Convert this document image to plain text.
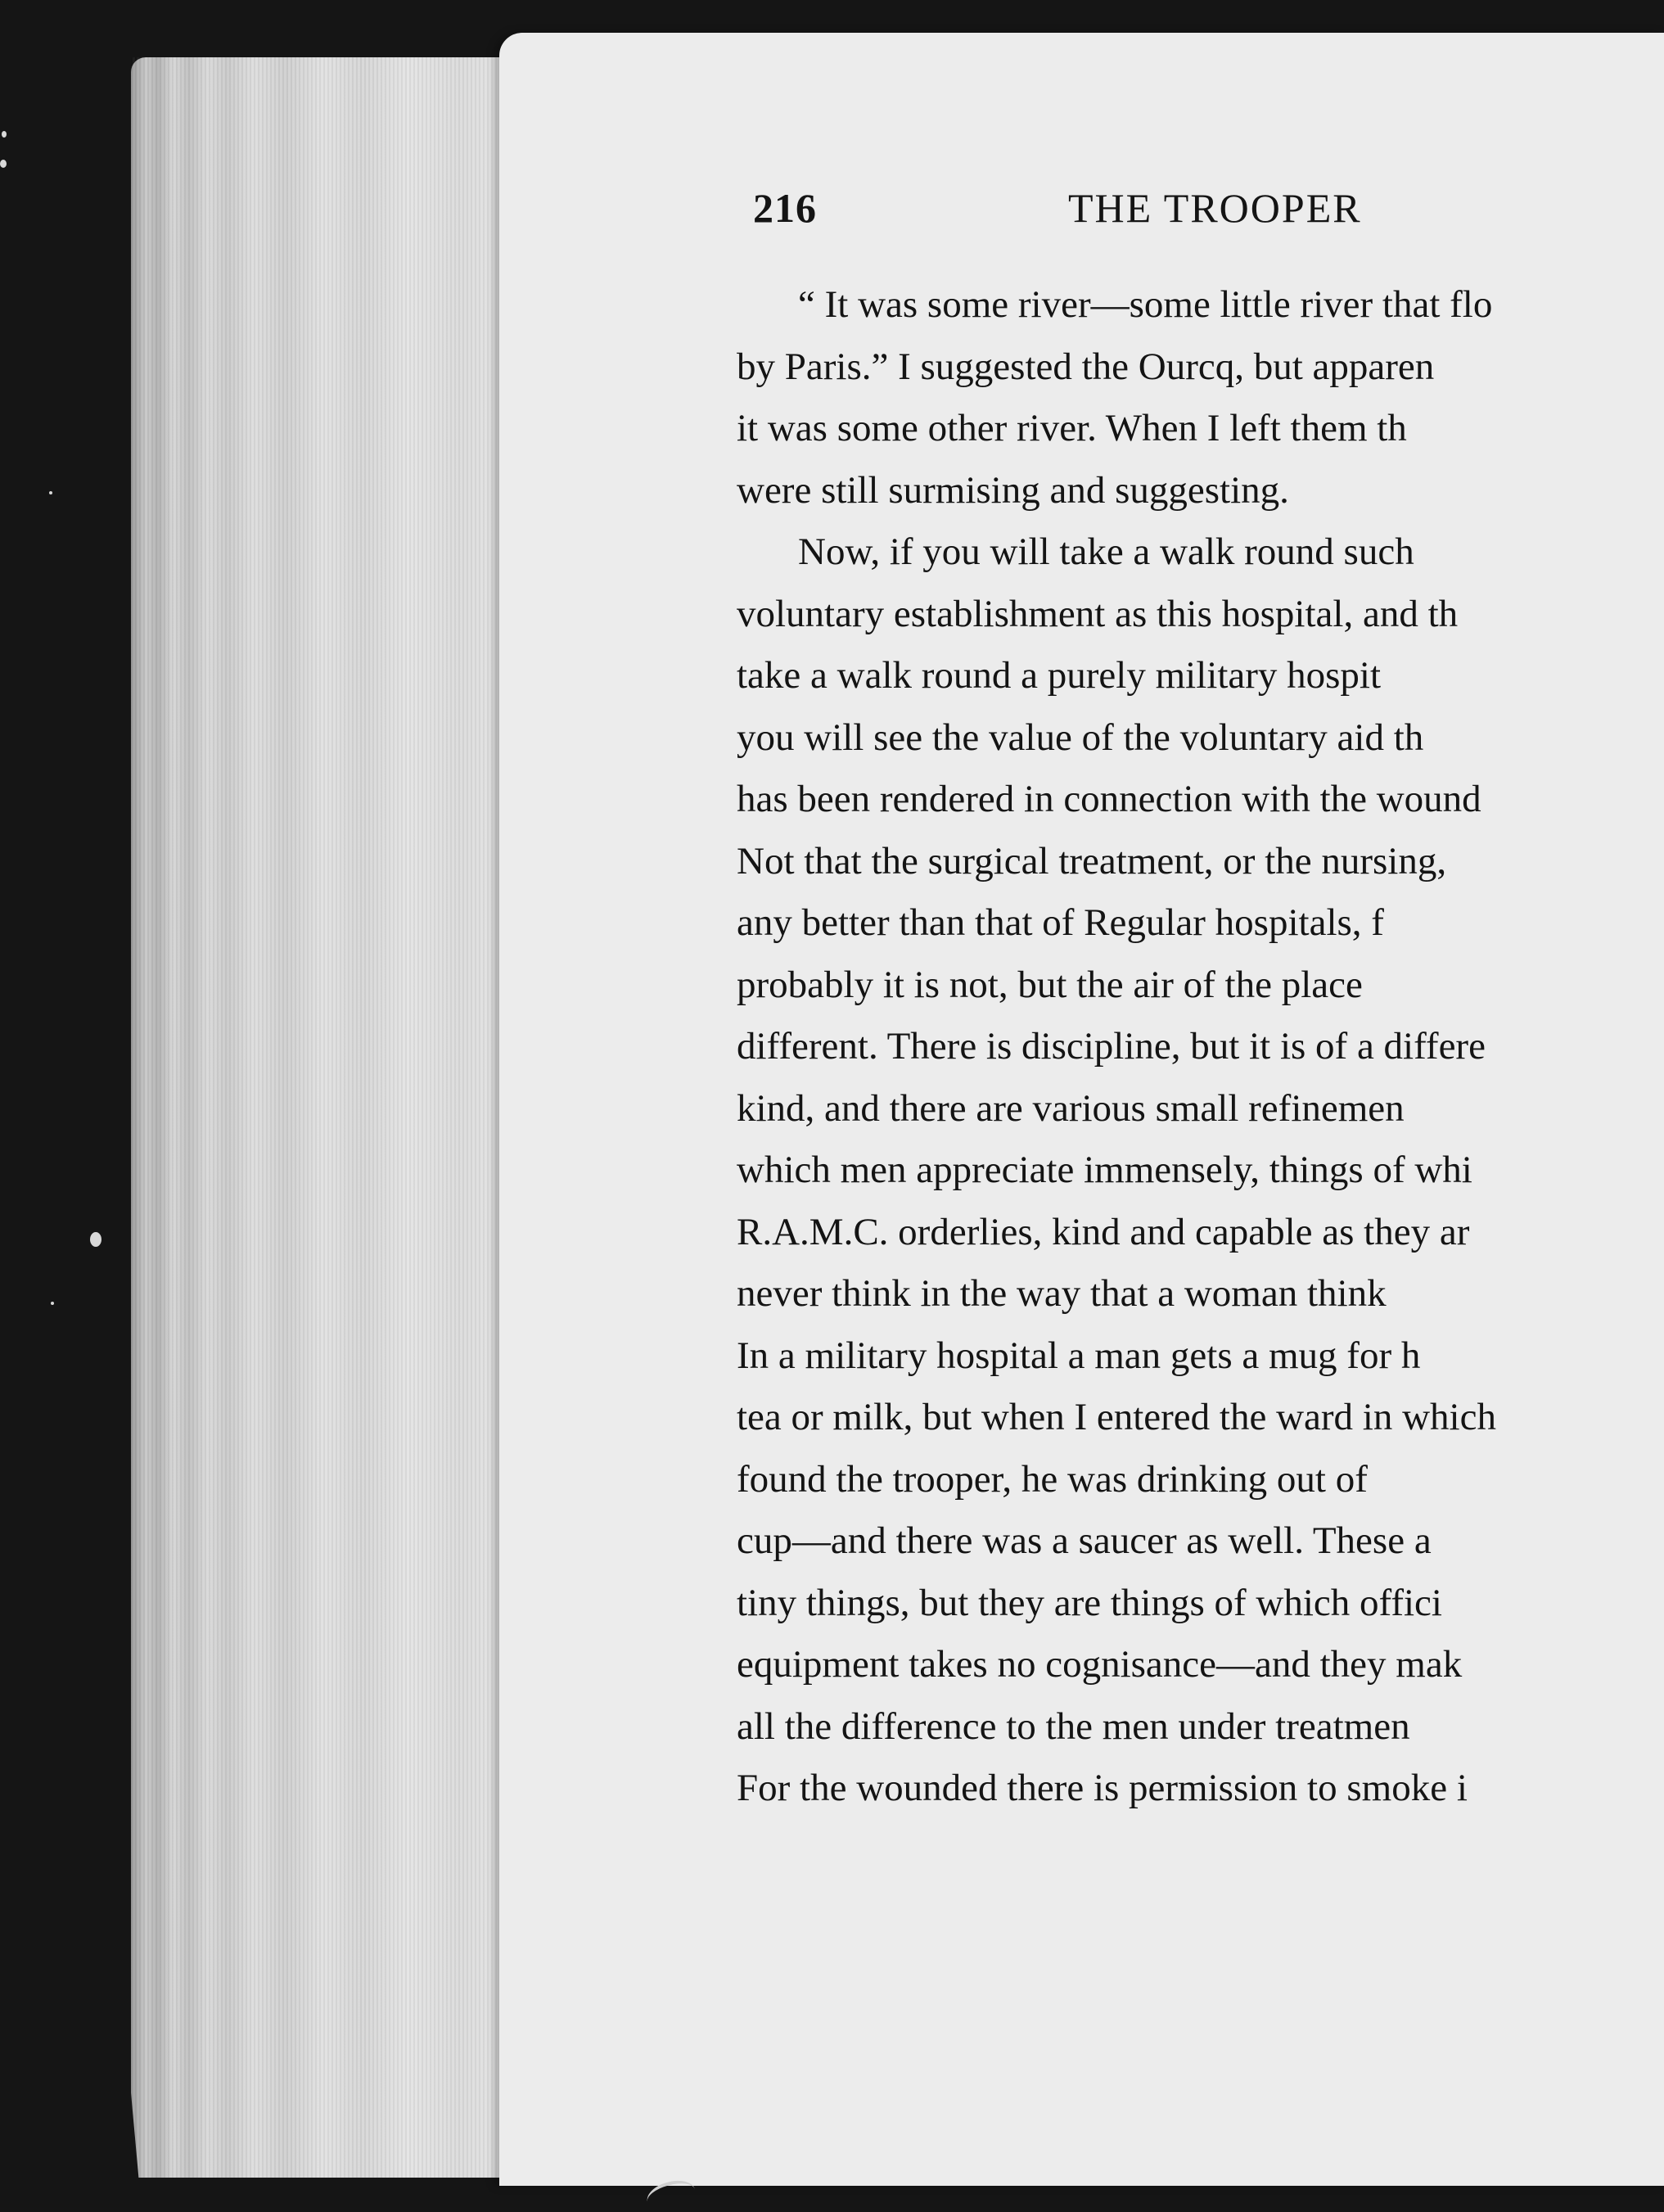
216	THE TROOPER
“ It was some river—some little river that flo
by Paris.” I suggested the Ourcq, but apparen
it was some other river. When I left them th
were still surmising and suggesting.
Now, if you will take a walk round such
voluntary establishment as this hospital, and th
take a walk round a purely military hospit
you will see the value of the voluntary aid th
has been rendered in connection with the wound
Not that the surgical treatment, or the nursing,
any better than that of Regular hospitals, f
probably it is not, but the air of the place
different. There is discipline, but it is of a differe
kind, and there are various small refinemen
which men appreciate immensely, things of whi
R.A.M.C. orderlies, kind and capable as they ar
never think in the way that a woman think
In a military hospital a man gets a mug for h
tea or milk, but when I entered the ward in which
found the trooper, he was drinking out of
cup—and there was a saucer as well. These a
tiny things, but they are things of which offici
equipment takes no cognisance—and they mak
all the difference to the men under treatmen
For the wounded there is permission to smoke i
